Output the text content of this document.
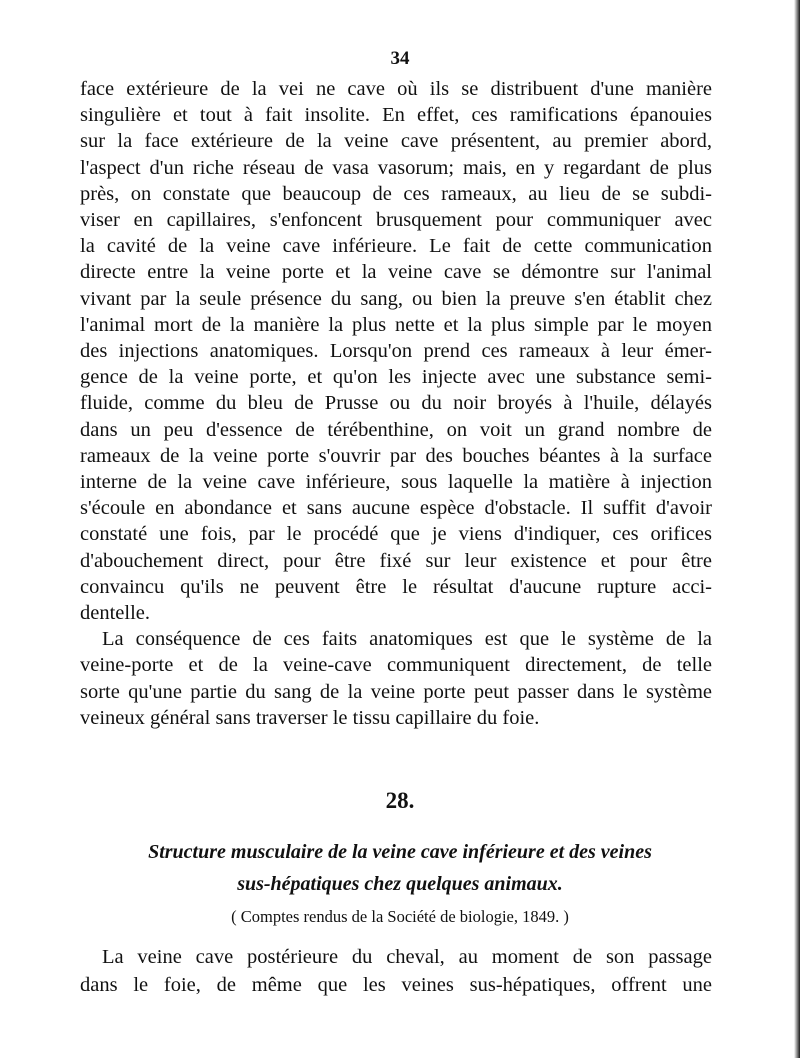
34
face extérieure de la vei ne cave où ils se distribuent d'une manière
singulière et tout à fait insolite. En effet, ces ramifications épanouies
sur la face extérieure de la veine cave présentent, au premier abord,
l'aspect d'un riche réseau de vasa vasorum; mais, en y regardant de plus
près, on constate que beaucoup de ces rameaux, au lieu de se subdi-
viser en capillaires, s'enfoncent brusquement pour communiquer avec
la cavité de la veine cave inférieure. Le fait de cette communication
directe entre la veine porte et la veine cave se démontre sur l'animal
vivant par la seule présence du sang, ou bien la preuve s'en établit chez
l'animal mort de la manière la plus nette et la plus simple par le moyen
des injections anatomiques. Lorsqu'on prend ces rameaux à leur émer-
gence de la veine porte, et qu'on les injecte avec une substance semi-
fluide, comme du bleu de Prusse ou du noir broyés à l'huile, délayés
dans un peu d'essence de térébenthine, on voit un grand nombre de
rameaux de la veine porte s'ouvrir par des bouches béantes à la surface
interne de la veine cave inférieure, sous laquelle la matière à injection
s'écoule en abondance et sans aucune espèce d'obstacle. Il suffit d'avoir
constaté une fois, par le procédé que je viens d'indiquer, ces orifices
d'abouchement direct, pour être fixé sur leur existence et pour être
convaincu qu'ils ne peuvent être le résultat d'aucune rupture acci-
dentelle.
La conséquence de ces faits anatomiques est que le système de la
veine-porte et de la veine-cave communiquent directement, de telle
sorte qu'une partie du sang de la veine porte peut passer dans le système
veineux général sans traverser le tissu capillaire du foie.
28.
Structure musculaire de la veine cave inférieure et des veines
sus-hépatiques chez quelques animaux.
( Comptes rendus de la Société de biologie, 1849. )
La veine cave postérieure du cheval, au moment de son passage
dans le foie, de même que les veines sus-hépatiques, offrent une
